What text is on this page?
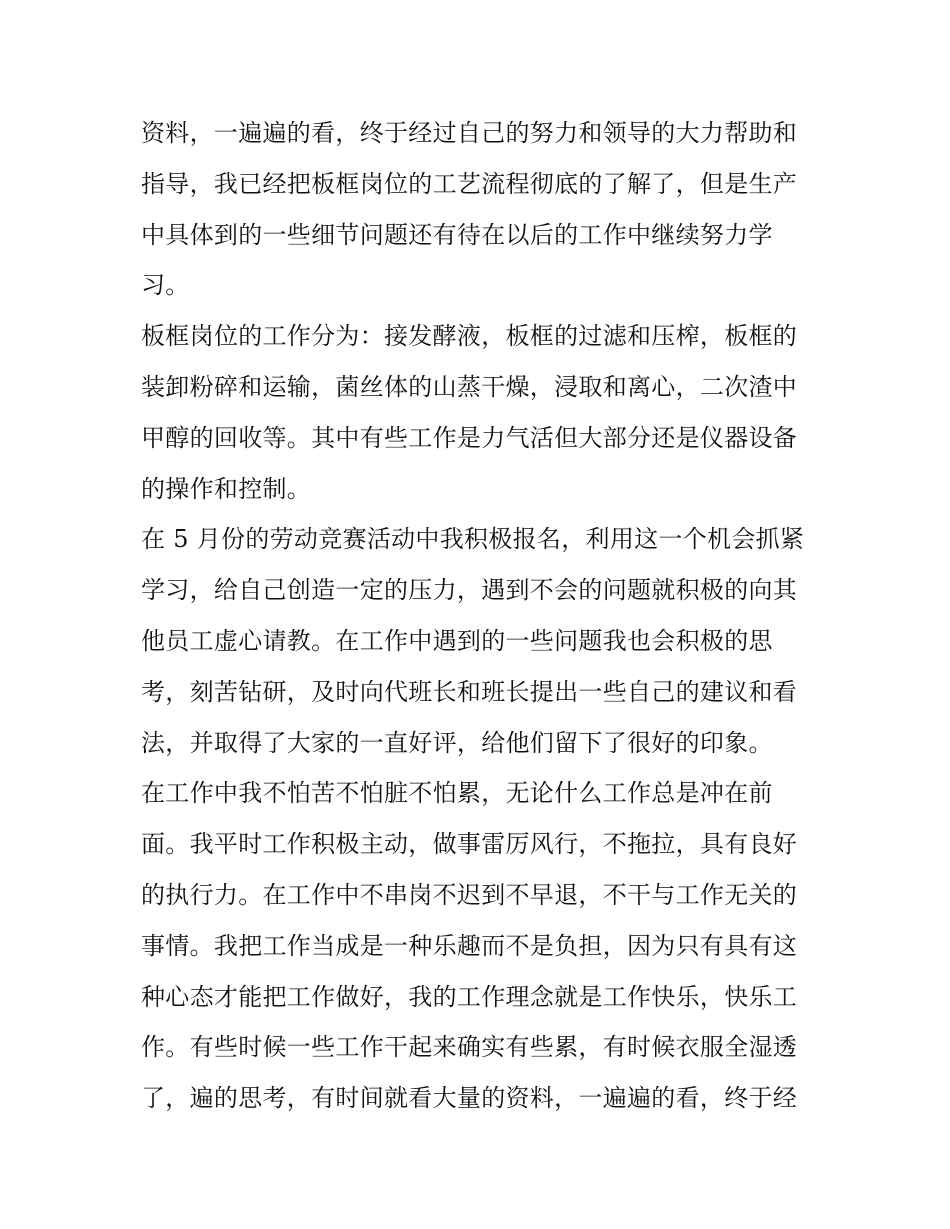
资料，一遍遍的看，终于经过自己的努力和领导的大力帮助和
指导，我已经把板框岗位的工艺流程彻底的了解了，但是生产
中具体到的一些细节问题还有待在以后的工作中继续努力学
习。

板框岗位的工作分为：接发酵液，板框的过滤和压榨，板框的
装卸粉碎和运输，菌丝体的山蒸干燥，浸取和离心，二次渣中
甲醇的回收等。其中有些工作是力气活但大部分还是仪器设备
的操作和控制。

在 5 月份的劳动竞赛活动中我积极报名，利用这一个机会抓紧
学习，给自己创造一定的压力，遇到不会的问题就积极的向其
他员工虚心请教。在工作中遇到的一些问题我也会积极的思
考，刻苦钻研，及时向代班长和班长提出一些自己的建议和看
法，并取得了大家的一直好评，给他们留下了很好的印象。

在工作中我不怕苦不怕脏不怕累，无论什么工作总是冲在前
面。我平时工作积极主动，做事雷厉风行，不拖拉，具有良好
的执行力。在工作中不串岗不迟到不早退，不干与工作无关的
事情。我把工作当成是一种乐趣而不是负担，因为只有具有这
种心态才能把工作做好，我的工作理念就是工作快乐，快乐工
作。有些时候一些工作干起来确实有些累，有时候衣服全湿透
了，遍的思考，有时间就看大量的资料，一遍遍的看，终于经
